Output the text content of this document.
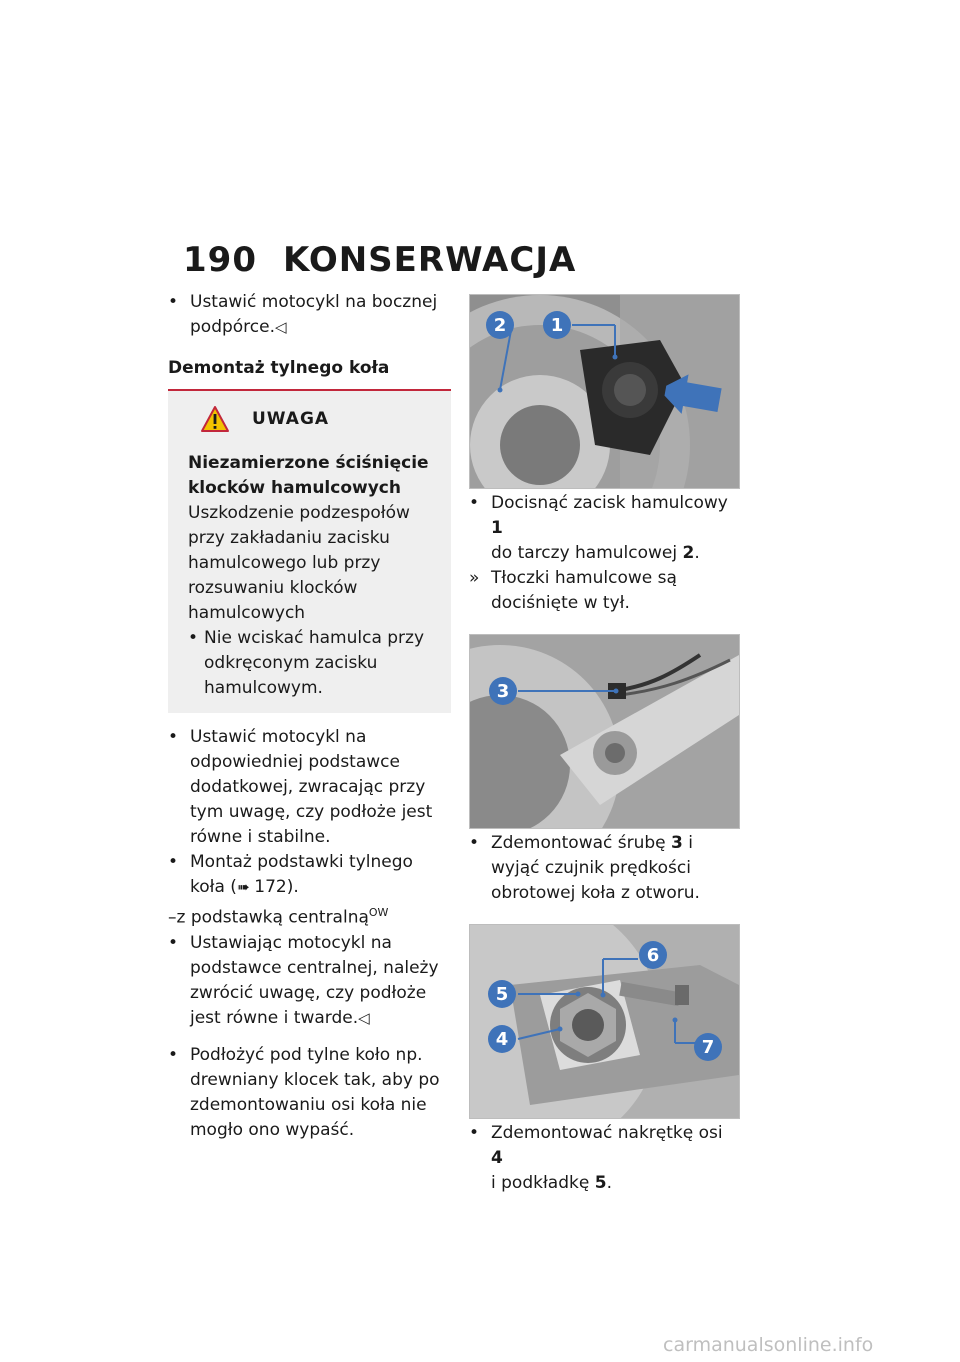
190 KONSERWACJA

• Ustawić motocykl na bocznej
podpórce.◁

Demontaż tylnego koła
UWAGA
Niezamierzone ściśnięcie
klocków hamulcowych
Uszkodzenie podzespołów przy zakładaniu zacisku hamulcowego lub przy rozsuwaniu klocków hamulcowych

• Nie wciskać hamulca przy odkręconym zacisku hamulcowym.

• Ustawić motocykl na odpowiedniej podstawce dodatkowej, zwracając przy tym uwagę, czy podłoże jest równe i stabilne.

• Montaż podstawki tylnego koła (➠ 172).

–z podstawką centralną$^{OW}$

• Ustawiając motocykl na podstawce centralnej, należy zwrócić uwagę, czy podłoże jest równe i twarde.◁

• Podłożyć pod tylne koło np. drewniany klocek tak, aby po zdemontowaniu osi koła nie mogło ono wypaść.

1
2

• Docisnąć zacisk hamulcowy 1
do tarczy hamulcowej 2.

» Tłoczki hamulcowe są dociśnięte w tył.

3

• Zdemontować śrubę 3 i wyjąć czujnik prędkości obrotowej koła z otworu.

4
5
6
7

• Zdemontować nakrętkę osi 4
i podkładkę 5.

carmanualsonline.info
